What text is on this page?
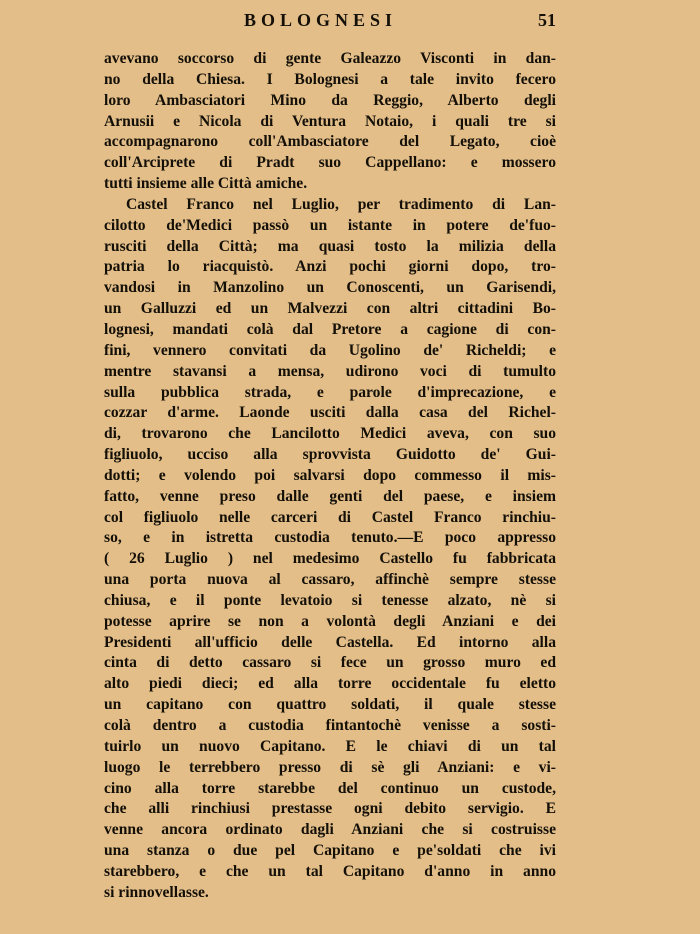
BOLOGNESI	51
avevano soccorso di gente Galeazzo Visconti in dan-
no della Chiesa. I Bolognesi a tale invito fecero
loro Ambasciatori Mino da Reggio, Alberto degli
Arnusii e Nicola di Ventura Notaio, i quali tre si
accompagnarono coll'Ambasciatore del Legato, cioè
coll'Arciprete di Pradt suo Cappellano: e mossero
tutti insieme alle Città amiche.
Castel Franco nel Luglio, per tradimento di Lan-
cilotto de'Medici passò un istante in potere de'fuo-
rusciti della Città; ma quasi tosto la milizia della
patria lo riacquistò. Anzi pochi giorni dopo, tro-
vandosi in Manzolino un Conoscenti, un Garisendi,
un Galluzzi ed un Malvezzi con altri cittadini Bo-
lognesi, mandati colà dal Pretore a cagione di con-
fini, vennero convitati da Ugolino de' Richeldi; e
mentre stavansi a mensa, udirono voci di tumulto
sulla pubblica strada, e parole d'imprecazione, e
cozzar d'arme. Laonde usciti dalla casa del Richel-
di, trovarono che Lancilotto Medici aveva, con suo
figliuolo, ucciso alla sprovvista Guidotto de' Gui-
dotti; e volendo poi salvarsi dopo commesso il mis-
fatto, venne preso dalle genti del paese, e insiem
col figliuolo nelle carceri di Castel Franco rinchiu-
so, e in istretta custodia tenuto.—E poco appresso
( 26 Luglio ) nel medesimo Castello fu fabbricata
una porta nuova al cassaro, affinchè sempre stesse
chiusa, e il ponte levatoio si tenesse alzato, nè si
potesse aprire se non a volontà degli Anziani e dei
Presidenti all'ufficio delle Castella. Ed intorno alla
cinta di detto cassaro si fece un grosso muro ed
alto piedi dieci; ed alla torre occidentale fu eletto
un capitano con quattro soldati, il quale stesse
colà dentro a custodia fintantochè venisse a sosti-
tuirlo un nuovo Capitano. E le chiavi di un tal
luogo le terrebbero presso di sè gli Anziani: e vi-
cino alla torre starebbe del continuo un custode,
che alli rinchiusi prestasse ogni debito servigio. E
venne ancora ordinato dagli Anziani che si costruisse
una stanza o due pel Capitano e pe'soldati che ivi
starebbero, e che un tal Capitano d'anno in anno
si rinnovellasse.
